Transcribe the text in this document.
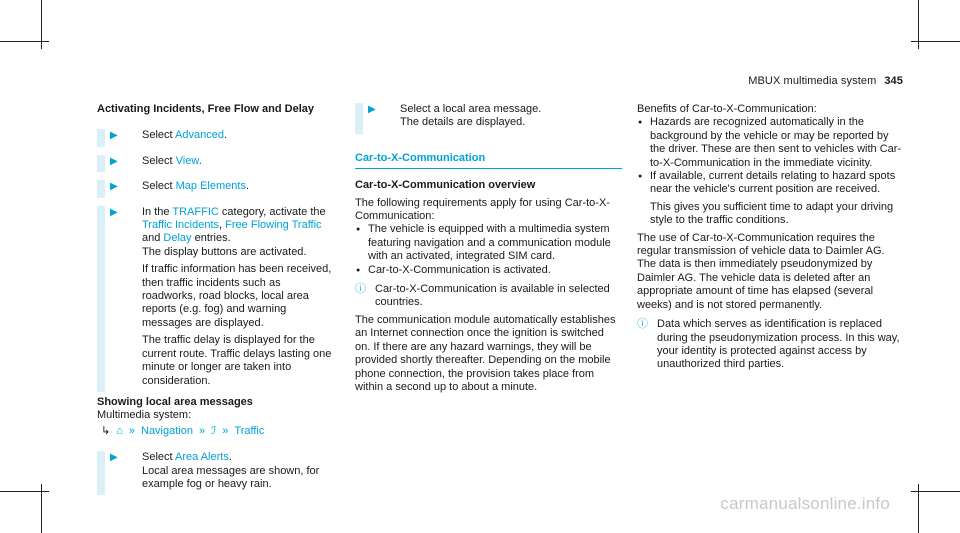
MBUX multimedia system 345

Activating Incidents, Free Flow and Delay

▶ Select Advanced.
▶ Select View.
▶ Select Map Elements.
▶ In the TRAFFIC category, activate the Traffic Incidents, Free Flowing Traffic and Delay entries.

The display buttons are activated.

If traffic information has been received, then traffic incidents such as roadworks, road blocks, local area reports (e.g. fog) and warning messages are displayed.

The traffic delay is displayed for the current route. Traffic delays lasting one minute or longer are taken into consideration.

Showing local area messages

Multimedia system:

↳ ⌂ » Navigation » ℐ » Traffic
▶ Select Area Alerts.

Local area messages are shown, for example fog or heavy rain.

▶ Select a local area message.

The details are displayed.

Car-to-X-Communication

Car-to-X-Communication overview

The following requirements apply for using Car-to-X-Communication:

● The vehicle is equipped with a multimedia system featuring navigation and a communication module with an activated, integrated SIM card.

● Car-to-X-Communication is activated.

ⓘ Car-to-X-Communication is available in selected countries.

The communication module automatically establishes an Internet connection once the ignition is switched on. If there are any hazard warnings, they will be provided shortly thereafter. Depending on the mobile phone connection, the provision takes place from within a second up to about a minute.

Benefits of Car-to-X-Communication:

● Hazards are recognized automatically in the background by the vehicle or may be reported by the driver. These are then sent to vehicles with Car-to-X-Communication in the immediate vicinity.

● If available, current details relating to hazard spots near the vehicle's current position are received.

This gives you sufficient time to adapt your driving style to the traffic conditions.

The use of Car-to-X-Communication requires the regular transmission of vehicle data to Daimler AG. The data is then immediately pseudonymized by Daimler AG. The vehicle data is deleted after an appropriate amount of time has elapsed (several weeks) and is not stored permanently.

ⓘ Data which serves as identification is replaced during the pseudonymization process. In this way, your identity is protected against access by unauthorized third parties.

carmanualsonline.info
